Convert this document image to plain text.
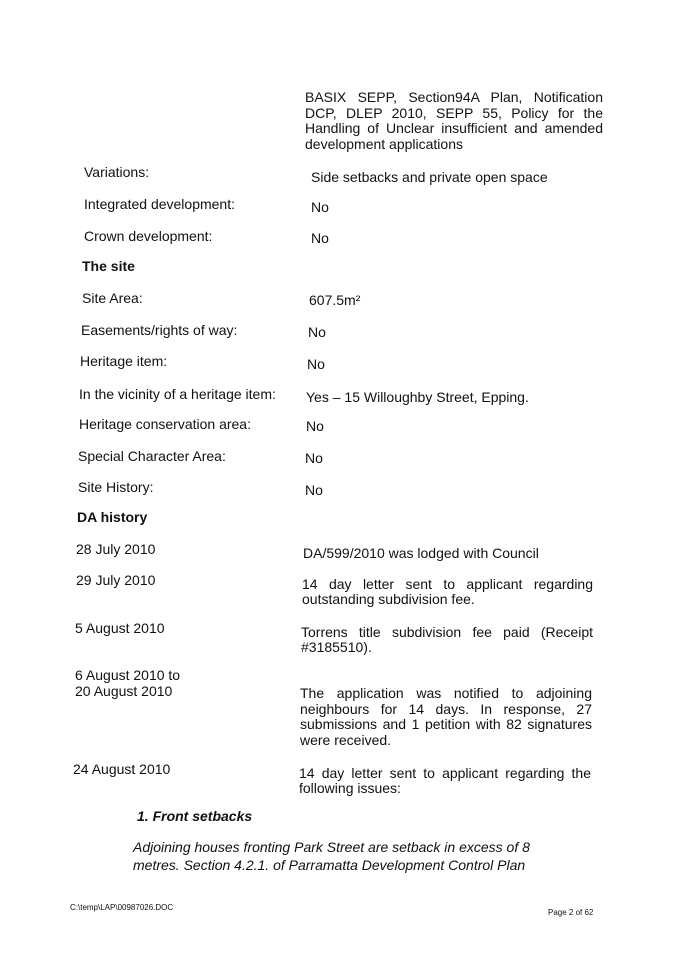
BASIX SEPP, Section94A Plan, Notification DCP, DLEP 2010, SEPP 55, Policy for the Handling of Unclear insufficient and amended development applications
Variations:	Side setbacks and private open space
Integrated development:	No
Crown development:	No
The site
Site Area:	607.5m²
Easements/rights of way:	No
Heritage item:	No
In the vicinity of a heritage item: Yes – 15 Willoughby Street, Epping.
Heritage conservation area:	No
Special Character Area:	No
Site History:	No
DA history
28 July 2010	DA/599/2010 was lodged with Council
29 July 2010	14 day letter sent to applicant regarding outstanding subdivision fee.
5 August 2010	Torrens title subdivision fee paid (Receipt #3185510).
6 August 2010 to
20 August 2010	The application was notified to adjoining neighbours for 14 days. In response, 27 submissions and 1 petition with 82 signatures were received.
24 August 2010	14 day letter sent to applicant regarding the following issues:
1. Front setbacks
Adjoining houses fronting Park Street are setback in excess of 8 metres. Section 4.2.1. of Parramatta Development Control Plan
C:\temp\LAP\00987026.DOC
Page 2 of 62
